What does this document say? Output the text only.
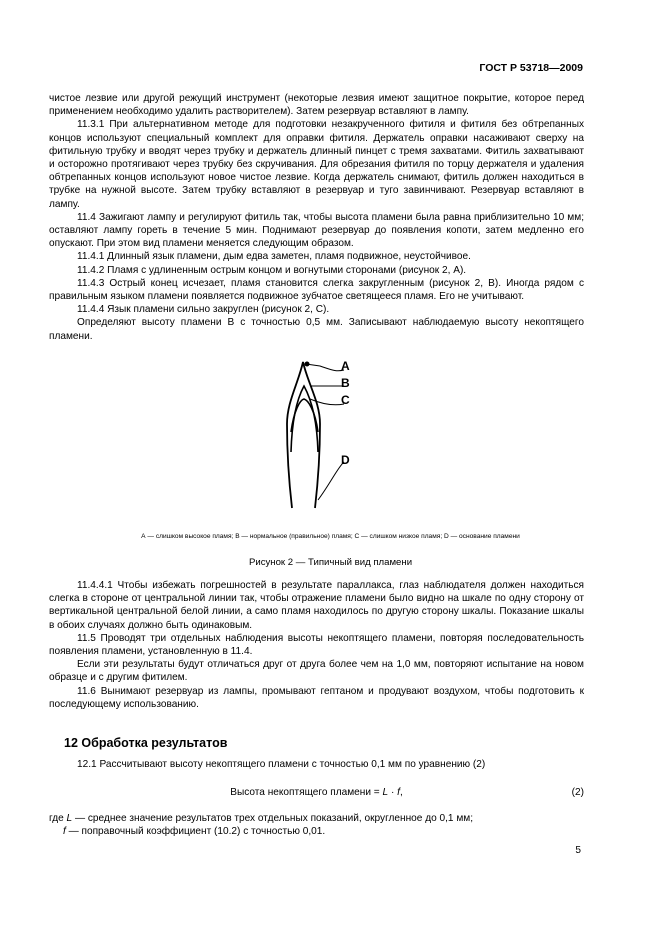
ГОСТ Р 53718—2009

чистое лезвие или другой режущий инструмент (некоторые лезвия имеют защитное покрытие, которое перед применением необходимо удалить растворителем). Затем резервуар вставляют в лампу.

11.3.1 При альтернативном методе для подготовки незакрученного фитиля и фитиля без обтрепанных концов используют специальный комплект для оправки фитиля. Держатель оправки насаживают сверху на фитильную трубку и вводят через трубку и держатель длинный пинцет с тремя захватами. Фитиль захватывают и осторожно протягивают через трубку без скручивания. Для обрезания фитиля по торцу держателя и удаления обтрепанных концов используют новое чистое лезвие. Когда держатель снимают, фитиль должен находиться в трубке на нужной высоте. Затем трубку вставляют в резервуар и туго завинчивают. Резервуар вставляют в лампу.

11.4 Зажигают лампу и регулируют фитиль так, чтобы высота пламени была равна приблизительно 10 мм; оставляют лампу гореть в течение 5 мин. Поднимают резервуар до появления копоти, затем медленно его опускают. При этом вид пламени меняется следующим образом.

11.4.1 Длинный язык пламени, дым едва заметен, пламя подвижное, неустойчивое.

11.4.2 Пламя с удлиненным острым концом и вогнутыми сторонами (рисунок 2, А).

11.4.3 Острый конец исчезает, пламя становится слегка закругленным (рисунок 2, В). Иногда рядом с правильным языком пламени появляется подвижное зубчатое светящееся пламя. Его не учитывают.

11.4.4 Язык пламени сильно закруглен (рисунок 2, С).

Определяют высоту пламени В с точностью 0,5 мм. Записывают наблюдаемую высоту некоптящего пламени.

A
B
C
D
А — слишком высокое пламя; В — нормальное (правильное) пламя; С — слишком низкое пламя; D — основание пламени
Рисунок 2 — Типичный вид пламени

11.4.4.1 Чтобы избежать погрешностей в результате параллакса, глаз наблюдателя должен находиться слегка в стороне от центральной линии так, чтобы отражение пламени было видно на шкале по одну сторону от вертикальной центральной белой линии, а само пламя находилось по другую сторону шкалы. Показание шкалы в обоих случаях должно быть одинаковым.

11.5 Проводят три отдельных наблюдения высоты некоптящего пламени, повторяя последовательность появления пламени, установленную в 11.4.

Если эти результаты будут отличаться друг от друга более чем на 1,0 мм, повторяют испытание на новом образце и с другим фитилем.

11.6 Вынимают резервуар из лампы, промывают гептаном и продувают воздухом, чтобы подготовить к последующему использованию.

12 Обработка результатов
12.1 Рассчитывают высоту некоптящего пламени с точностью 0,1 мм по уравнению (2)
Высота некоптящего пламени = L · f,	(2)

где L — среднее значение результатов трех отдельных показаний, округленное до 0,1 мм;

f — поправочный коэффициент (10.2) с точностью 0,01.

5
